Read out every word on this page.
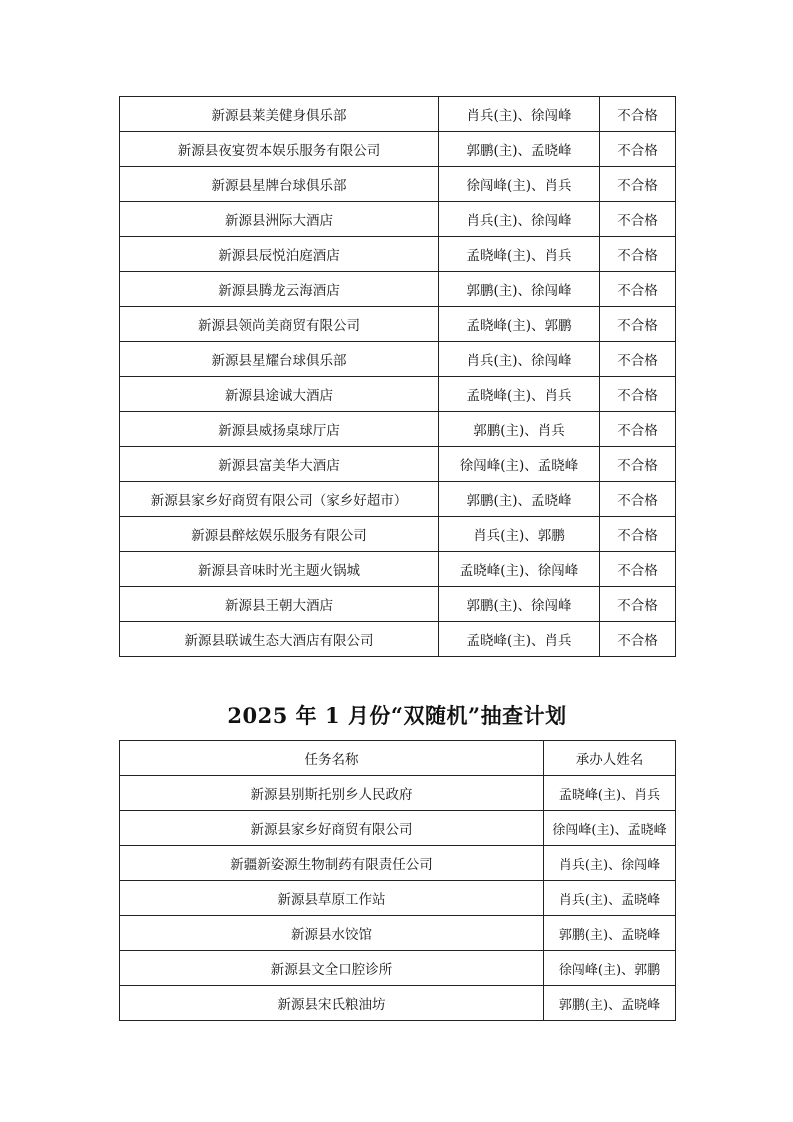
新源县莱美健身俱乐部	肖兵(主)、徐闯峰	不合格
新源县夜宴贺本娱乐服务有限公司	郭鹏(主)、孟晓峰	不合格
新源县星牌台球俱乐部	徐闯峰(主)、肖兵	不合格
新源县洲际大酒店	肖兵(主)、徐闯峰	不合格
新源县辰悦泊庭酒店	孟晓峰(主)、肖兵	不合格
新源县腾龙云海酒店	郭鹏(主)、徐闯峰	不合格
新源县领尚美商贸有限公司	孟晓峰(主)、郭鹏	不合格
新源县星耀台球俱乐部	肖兵(主)、徐闯峰	不合格
新源县途诚大酒店	孟晓峰(主)、肖兵	不合格
新源县威扬桌球厅店	郭鹏(主)、肖兵	不合格
新源县富美华大酒店	徐闯峰(主)、孟晓峰	不合格
新源县家乡好商贸有限公司（家乡好超市）	郭鹏(主)、孟晓峰	不合格
新源县醉炫娱乐服务有限公司	肖兵(主)、郭鹏	不合格
新源县音味时光主题火锅城	孟晓峰(主)、徐闯峰	不合格
新源县王朝大酒店	郭鹏(主)、徐闯峰	不合格
新源县联诚生态大酒店有限公司	孟晓峰(主)、肖兵	不合格
2025 年 1 月份“双随机”抽查计划
任务名称	承办人姓名
新源县别斯托别乡人民政府	孟晓峰(主)、肖兵
新源县家乡好商贸有限公司	徐闯峰(主)、孟晓峰
新疆新姿源生物制药有限责任公司	肖兵(主)、徐闯峰
新源县草原工作站	肖兵(主)、孟晓峰
新源县水饺馆	郭鹏(主)、孟晓峰
新源县文全口腔诊所	徐闯峰(主)、郭鹏
新源县宋氏粮油坊	郭鹏(主)、孟晓峰
